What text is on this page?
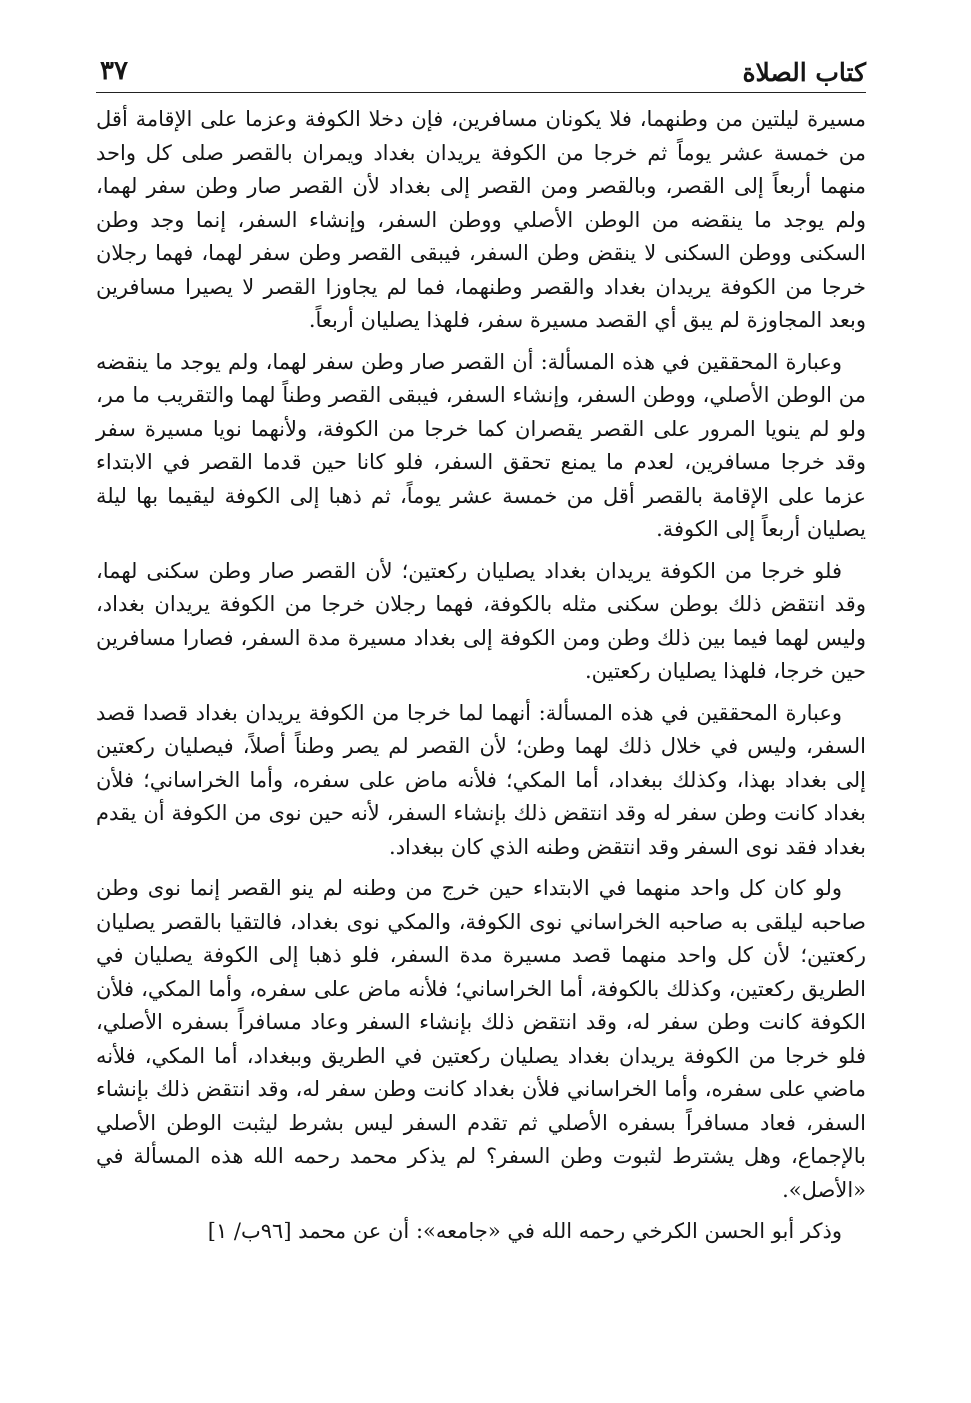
كتاب الصلاة
٣٧

مسيرة ليلتين من وطنهما، فلا يكونان مسافرين، فإن دخلا الكوفة وعزما على الإقامة أقل من خمسة عشر يوماً ثم خرجا من الكوفة يريدان بغداد ويمران بالقصر صلى كل واحد منهما أربعاً إلى القصر، وبالقصر ومن القصر إلى بغداد لأن القصر صار وطن سفر لهما، ولم يوجد ما ينقضه من الوطن الأصلي ووطن السفر، وإنشاء السفر، إنما وجد وطن السكنى ووطن السكنى لا ينقض وطن السفر، فيبقى القصر وطن سفر لهما، فهما رجلان خرجا من الكوفة يريدان بغداد والقصر وطنهما، فما لم يجاوزا القصر لا يصيرا مسافرين وبعد المجاوزة لم يبق أي القصد مسيرة سفر، فلهذا يصليان أربعاً.

وعبارة المحققين في هذه المسألة: أن القصر صار وطن سفر لهما، ولم يوجد ما ينقضه من الوطن الأصلي، ووطن السفر، وإنشاء السفر، فيبقى القصر وطناً لهما والتقريب ما مر، ولو لم ينويا المرور على القصر يقصران كما خرجا من الكوفة، ولأنهما نويا مسيرة سفر وقد خرجا مسافرين، لعدم ما يمنع تحقق السفر، فلو كانا حين قدما القصر في الابتداء عزما على الإقامة بالقصر أقل من خمسة عشر يوماً، ثم ذهبا إلى الكوفة ليقيما بها ليلة يصليان أربعاً إلى الكوفة.

فلو خرجا من الكوفة يريدان بغداد يصليان ركعتين؛ لأن القصر صار وطن سكنى لهما، وقد انتقض ذلك بوطن سكنى مثله بالكوفة، فهما رجلان خرجا من الكوفة يريدان بغداد، وليس لهما فيما بين ذلك وطن ومن الكوفة إلى بغداد مسيرة مدة السفر، فصارا مسافرين حين خرجا، فلهذا يصليان ركعتين.

وعبارة المحققين في هذه المسألة: أنهما لما خرجا من الكوفة يريدان بغداد قصدا قصد السفر، وليس في خلال ذلك لهما وطن؛ لأن القصر لم يصر وطناً أصلاً، فيصليان ركعتين إلى بغداد بهذا، وكذلك ببغداد، أما المكي؛ فلأنه ماض على سفره، وأما الخراساني؛ فلأن بغداد كانت وطن سفر له وقد انتقض ذلك بإنشاء السفر، لأنه حين نوى من الكوفة أن يقدم بغداد فقد نوى السفر وقد انتقض وطنه الذي كان ببغداد.

ولو كان كل واحد منهما في الابتداء حين خرج من وطنه لم ينو القصر إنما نوى وطن صاحبه ليلقى به صاحبه الخراساني نوى الكوفة، والمكي نوى بغداد، فالتقيا بالقصر يصليان ركعتين؛ لأن كل واحد منهما قصد مسيرة مدة السفر، فلو ذهبا إلى الكوفة يصليان في الطريق ركعتين، وكذلك بالكوفة، أما الخراساني؛ فلأنه ماض على سفره، وأما المكي، فلأن الكوفة كانت وطن سفر له، وقد انتقض ذلك بإنشاء السفر وعاد مسافراً بسفره الأصلي، فلو خرجا من الكوفة يريدان بغداد يصليان ركعتين في الطريق وببغداد، أما المكي، فلأنه ماضي على سفره، وأما الخراساني فلأن بغداد كانت وطن سفر له، وقد انتقض ذلك بإنشاء السفر، فعاد مسافراً بسفره الأصلي ثم تقدم السفر ليس بشرط ليثبت الوطن الأصلي بالإجماع، وهل يشترط لثبوت وطن السفر؟ لم يذكر محمد رحمه الله هذه المسألة في «الأصل».

وذكر أبو الحسن الكرخي رحمه الله في «جامعه»: أن عن محمد [٩٦ب/ ١]
